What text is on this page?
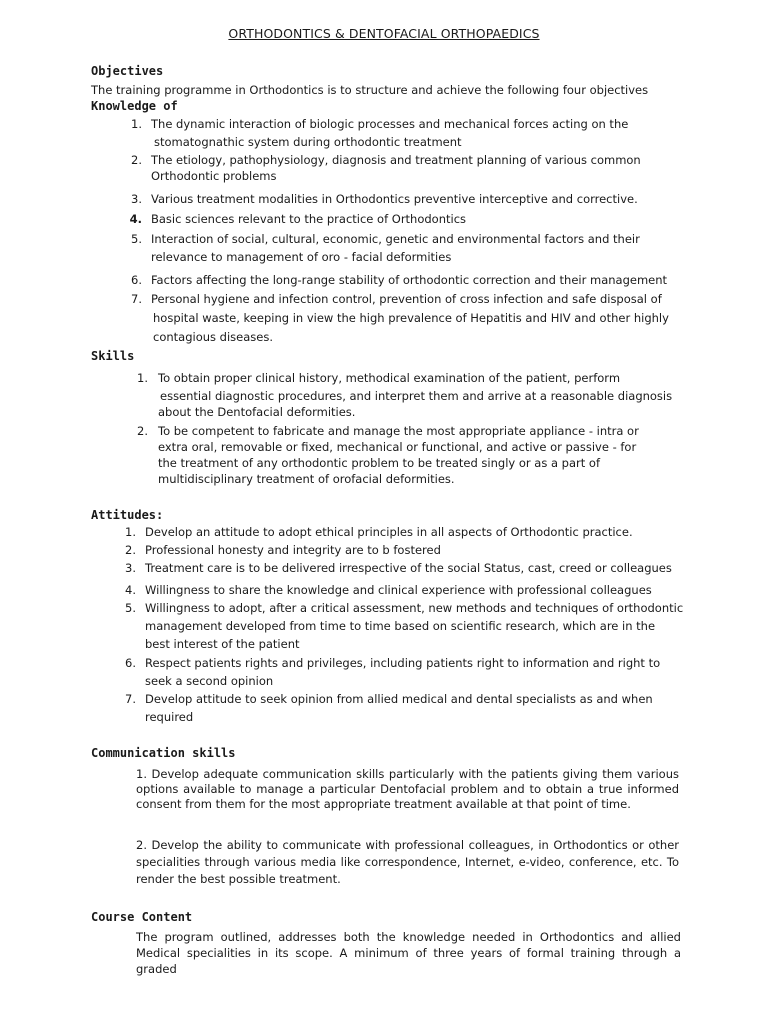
ORTHODONTICS & DENTOFACIAL ORTHOPAEDICS
Objectives
The training programme in Orthodontics is to structure and achieve the following four objectives
Knowledge of
1. The dynamic interaction of biologic processes and mechanical forces acting on the
stomatognathic system during orthodontic treatment
2. The etiology, pathophysiology, diagnosis and treatment planning of various common
Orthodontic problems
3. Various treatment modalities in Orthodontics preventive interceptive and corrective.
4. Basic sciences relevant to the practice of Orthodontics
5. Interaction of social, cultural, economic, genetic and environmental factors and their
relevance to management of oro - facial deformities
6. Factors affecting the long-range stability of orthodontic correction and their management
7. Personal hygiene and infection control, prevention of cross infection and safe disposal of
hospital waste, keeping in view the high prevalence of Hepatitis and HIV and other highly
contagious diseases.
Skills
1. To obtain proper clinical history, methodical examination of the patient, perform
essential diagnostic procedures, and interpret them and arrive at a reasonable diagnosis
about the Dentofacial deformities.
2. To be competent to fabricate and manage the most appropriate appliance - intra or
extra oral, removable or fixed, mechanical or functional, and active or passive - for
the treatment of any orthodontic problem to be treated singly or as a part of
multidisciplinary treatment of orofacial deformities.
Attitudes:
1. Develop an attitude to adopt ethical principles in all aspects of Orthodontic practice.
2. Professional honesty and integrity are to b fostered
3. Treatment care is to be delivered irrespective of the social Status, cast, creed or colleagues
4. Willingness to share the knowledge and clinical experience with professional colleagues
5. Willingness to adopt, after a critical assessment, new methods and techniques of orthodontic
management developed from time to time based on scientific research, which are in the
best interest of the patient
6. Respect patients rights and privileges, including patients right to information and right to
seek a second opinion
7. Develop attitude to seek opinion from allied medical and dental specialists as and when
required
Communication skills
1. Develop adequate communication skills particularly with the patients giving them various options available to manage a particular Dentofacial problem and to obtain a true informed consent from them for the most appropriate treatment available at that point of time.
2. Develop the ability to communicate with professional colleagues, in Orthodontics or other specialities through various media like correspondence, Internet, e-video, conference, etc. To render the best possible treatment.
Course Content
The program outlined, addresses both the knowledge needed in Orthodontics and allied Medical specialities in its scope. A minimum of three years of formal training through a graded
